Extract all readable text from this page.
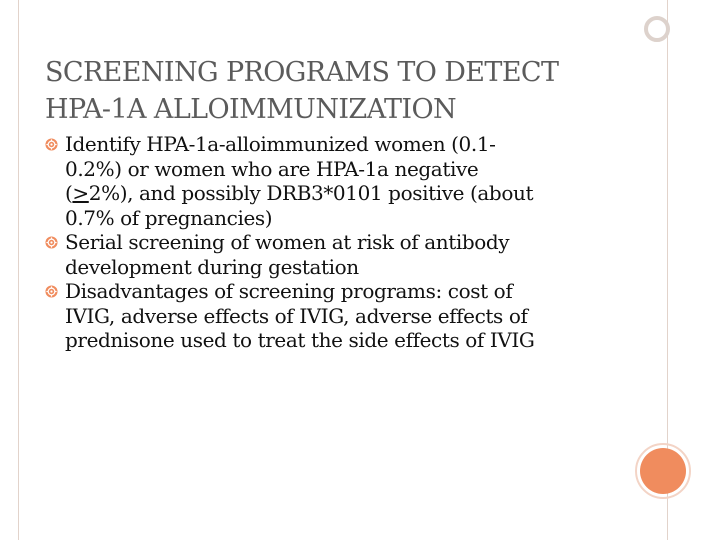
SCREENING PROGRAMS TO DETECT
HPA-1A ALLOIMMUNIZATION
Identify HPA-1a-alloimmunized women (0.1-
0.2%) or women who are HPA-1a negative
(>2%), and possibly DRB3*0101 positive (about
0.7% of pregnancies)
Serial screening of women at risk of antibody
development during gestation
Disadvantages of screening programs: cost of
IVIG, adverse effects of IVIG, adverse effects of
prednisone used to treat the side effects of IVIG
